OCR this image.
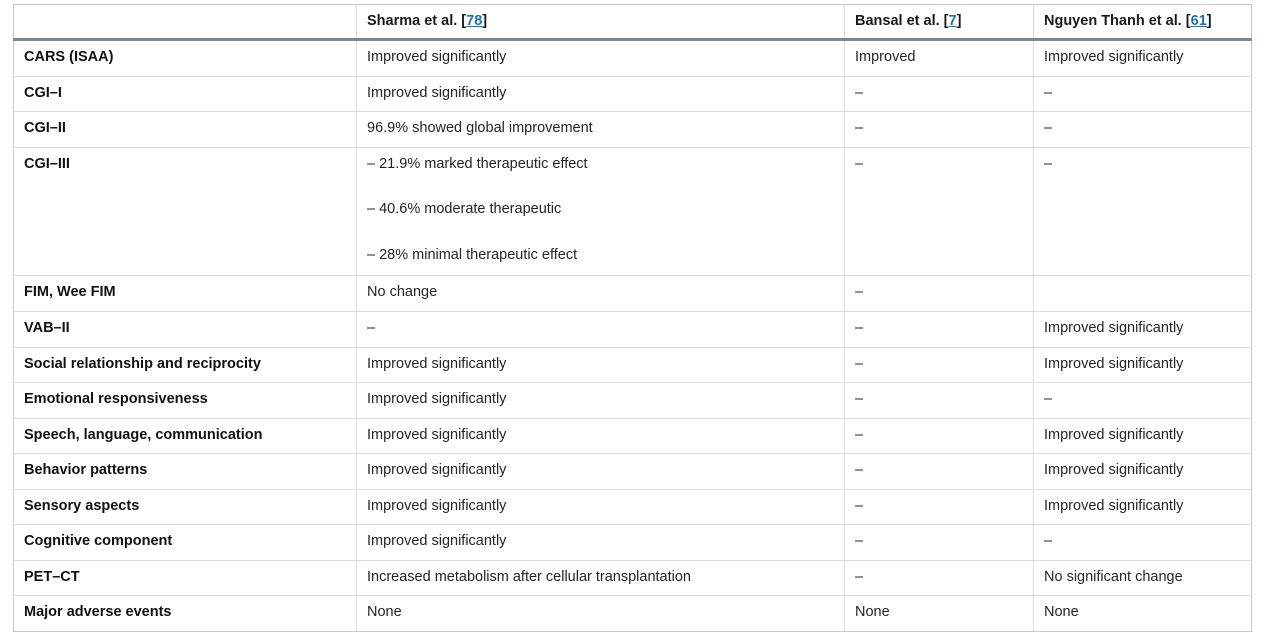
	Sharma et al. [78]	Bansal et al. [7]	Nguyen Thanh et al. [61]
CARS (ISAA)	Improved significantly	Improved	Improved significantly
CGI–I	Improved significantly	–	–
CGI–II	96.9% showed global improvement	–	–
CGI–III	– 21.9% marked therapeutic effect

– 40.6% moderate therapeutic

– 28% minimal therapeutic effect	–	–
FIM, Wee FIM	No change	–	
VAB–II	–	–	Improved significantly
Social relationship and reciprocity	Improved significantly	–	Improved significantly
Emotional responsiveness	Improved significantly	–	–
Speech, language, communication	Improved significantly	–	Improved significantly
Behavior patterns	Improved significantly	–	Improved significantly
Sensory aspects	Improved significantly	–	Improved significantly
Cognitive component	Improved significantly	–	–
PET–CT	Increased metabolism after cellular transplantation	–	No significant change
Major adverse events	None	None	None
